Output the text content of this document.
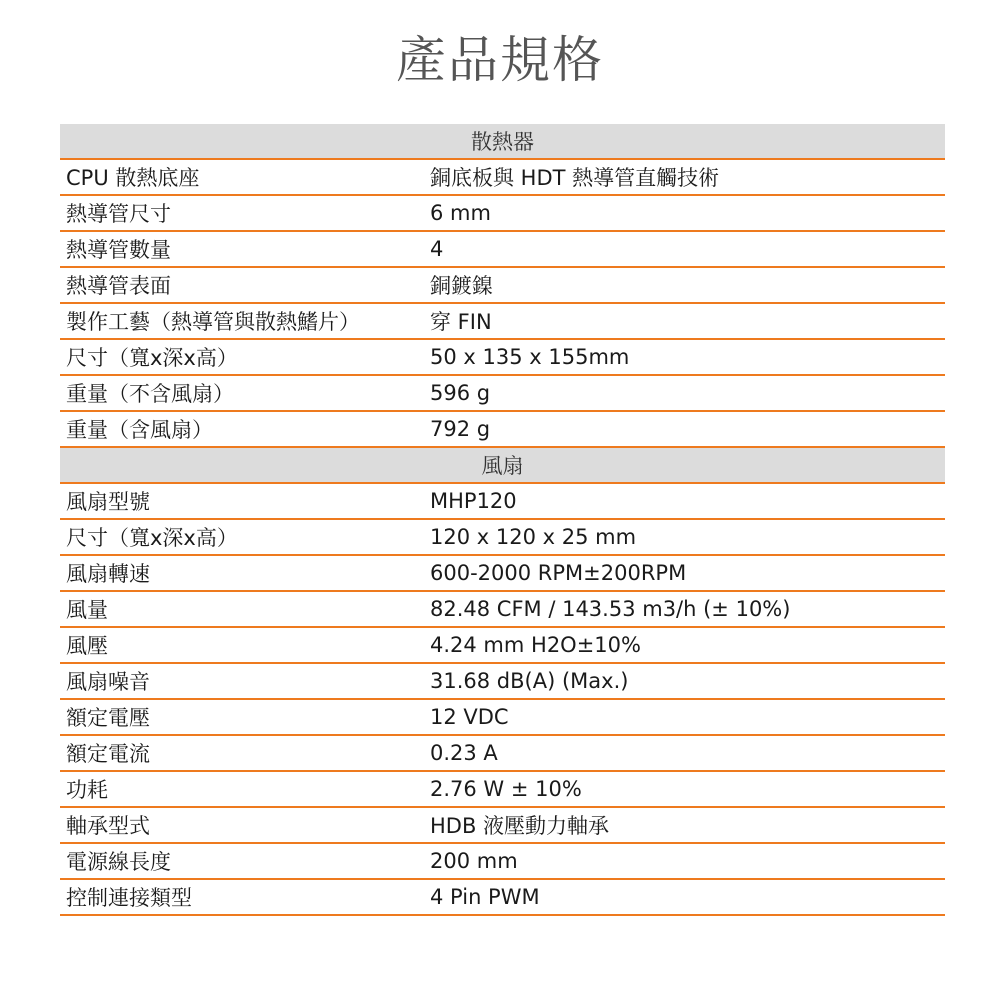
產品規格
散熱器
CPU 散熱底座	銅底板與 HDT 熱導管直觸技術
熱導管尺寸	6 mm
熱導管數量	4
熱導管表面	銅鍍鎳
製作工藝（熱導管與散熱鰭片）	穿 FIN
尺寸（寬x深x高）	50 x 135 x 155mm
重量（不含風扇）	596 g
重量（含風扇）	792 g
風扇
風扇型號	MHP120
尺寸（寬x深x高）	120 x 120 x 25 mm
風扇轉速	600-2000 RPM±200RPM
風量	82.48 CFM / 143.53 m3/h (± 10%)
風壓	4.24 mm H2O±10%
風扇噪音	31.68 dB(A) (Max.)
額定電壓	12 VDC
額定電流	0.23 A
功耗	2.76 W ± 10%
軸承型式	HDB 液壓動力軸承
電源線長度	200 mm
控制連接類型	4 Pin PWM
